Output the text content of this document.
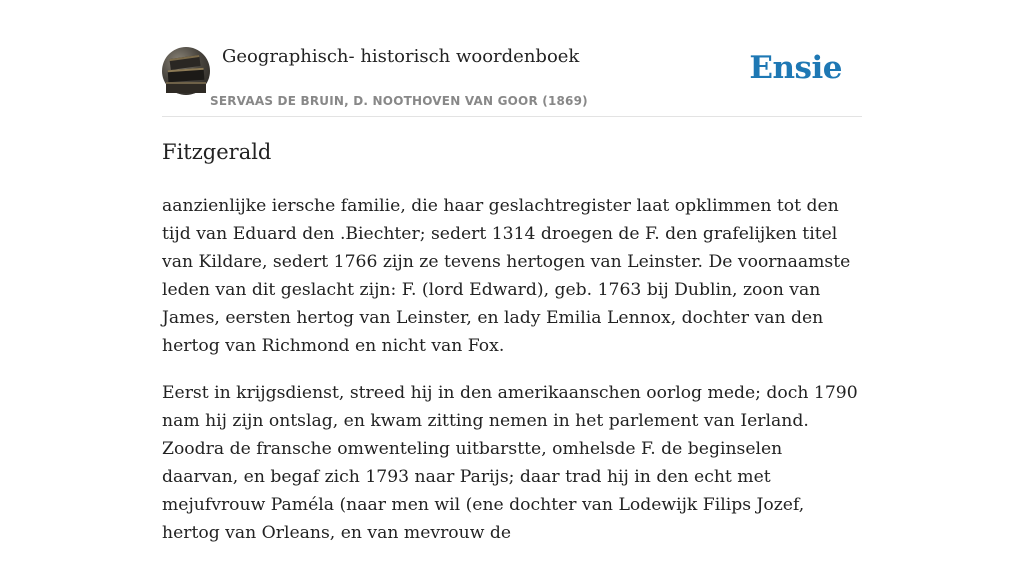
Geographisch- historisch woordenboek
SERVAAS DE BRUIN, D. NOOTHOVEN VAN GOOR (1869)
Ensie
Fitzgerald

aanzienlijke iersche familie, die haar geslachtregister laat opklimmen tot den tijd van Eduard den .Biechter; sedert 1314 droegen de F. den grafelijken titel van Kildare, sedert 1766 zijn ze tevens hertogen van Leinster. De voornaamste leden van dit geslacht zijn: F. (lord Edward), geb. 1763 bij Dublin, zoon van James, eersten hertog van Leinster, en lady Emilia Lennox, dochter van den hertog van Richmond en nicht van Fox.

Eerst in krijgsdienst, streed hij in den amerikaanschen oorlog mede; doch 1790 nam hij zijn ontslag, en kwam zitting nemen in het parlement van Ierland. Zoodra de fransche omwenteling uitbarstte, omhelsde F. de beginselen daarvan, en begaf zich 1793 naar Parijs; daar trad hij in den echt met mejufvrouw Paméla (naar men wil (ene dochter van Lodewijk Filips Jozef, hertog van Orleans, en van mevrouw de
